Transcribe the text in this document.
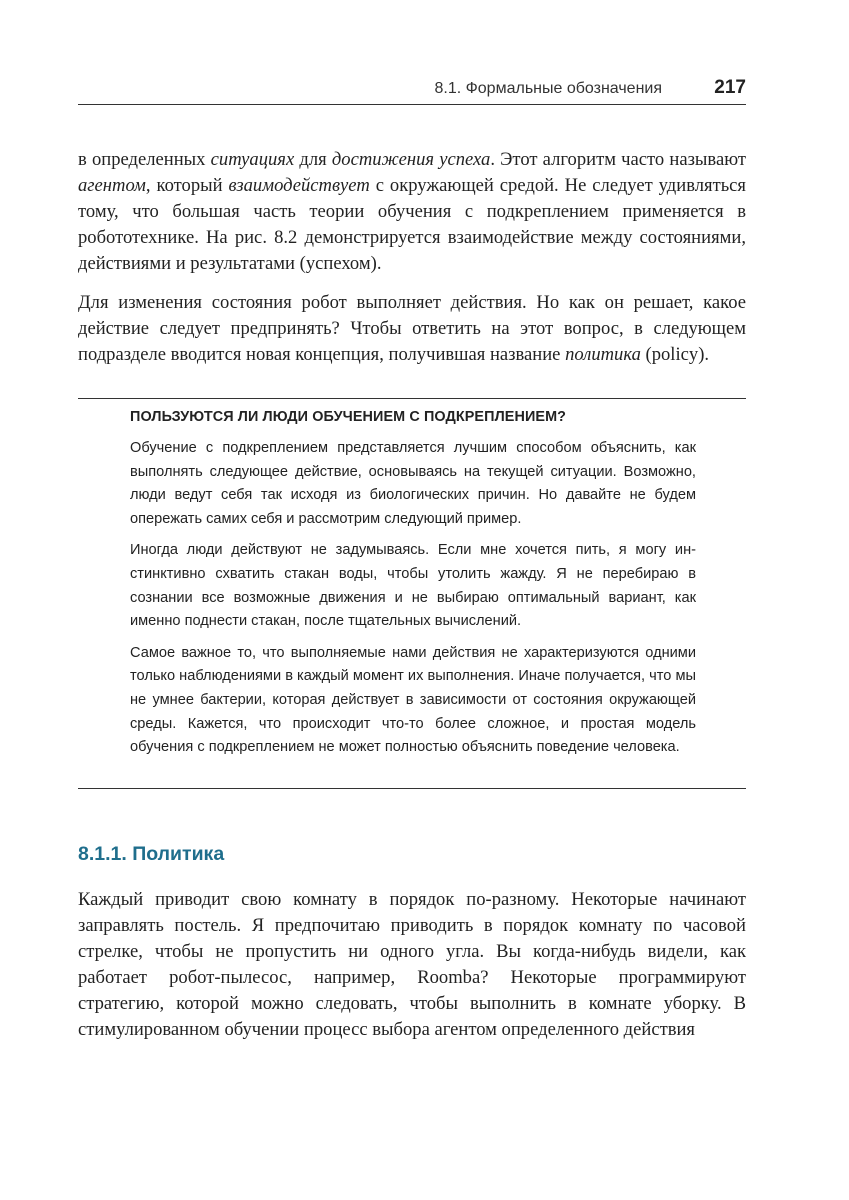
8.1. Формальные обозначения	217

в определенных ситуациях для достижения успеха. Этот алгоритм часто называют агентом, который взаимодействует с окружающей средой. Не следует удивляться тому, что большая часть теории обучения с подкреплением применяется в робототехнике. На рис. 8.2 демонстрируется взаимодействие между состояниями, действиями и результатами (успехом).

Для изменения состояния робот выполняет действия. Но как он решает, какое действие следует предпринять? Чтобы ответить на этот вопрос, в следующем подразделе вводится новая концепция, получившая название политика (policy).

ПОЛЬЗУЮТСЯ ЛИ ЛЮДИ ОБУЧЕНИЕМ С ПОДКРЕПЛЕНИЕМ?

Обучение с подкреплением представляется лучшим способом объяснить, как выполнять следующее действие, основываясь на текущей ситуации. Возможно, люди ведут себя так исходя из биологических причин. Но давайте не будем опережать самих себя и рассмотрим следующий пример.

Иногда люди действуют не задумываясь. Если мне хочется пить, я могу инстинктивно схватить стакан воды, чтобы утолить жажду. Я не перебираю в сознании все возможные движения и не выбираю оптимальный вариант, как именно поднести стакан, после тщательных вычислений.

Самое важное то, что выполняемые нами действия не характеризуются одними только наблюдениями в каждый момент их выполнения. Иначе получается, что мы не умнее бактерии, которая действует в зависимости от состояния окружающей среды. Кажется, что происходит что-то более сложное, и простая модель обучения с подкреплением не может полностью объяснить поведение человека.

8.1.1. Политика

Каждый приводит свою комнату в порядок по-разному. Некоторые начинают заправлять постель. Я предпочитаю приводить в порядок комнату по часовой стрелке, чтобы не пропустить ни одного угла. Вы когда-нибудь видели, как работает робот-пылесос, например, Roomba? Некоторые программируют стратегию, которой можно следовать, чтобы выполнить в комнате уборку. В стимулированном обучении процесс выбора агентом определенного действия
